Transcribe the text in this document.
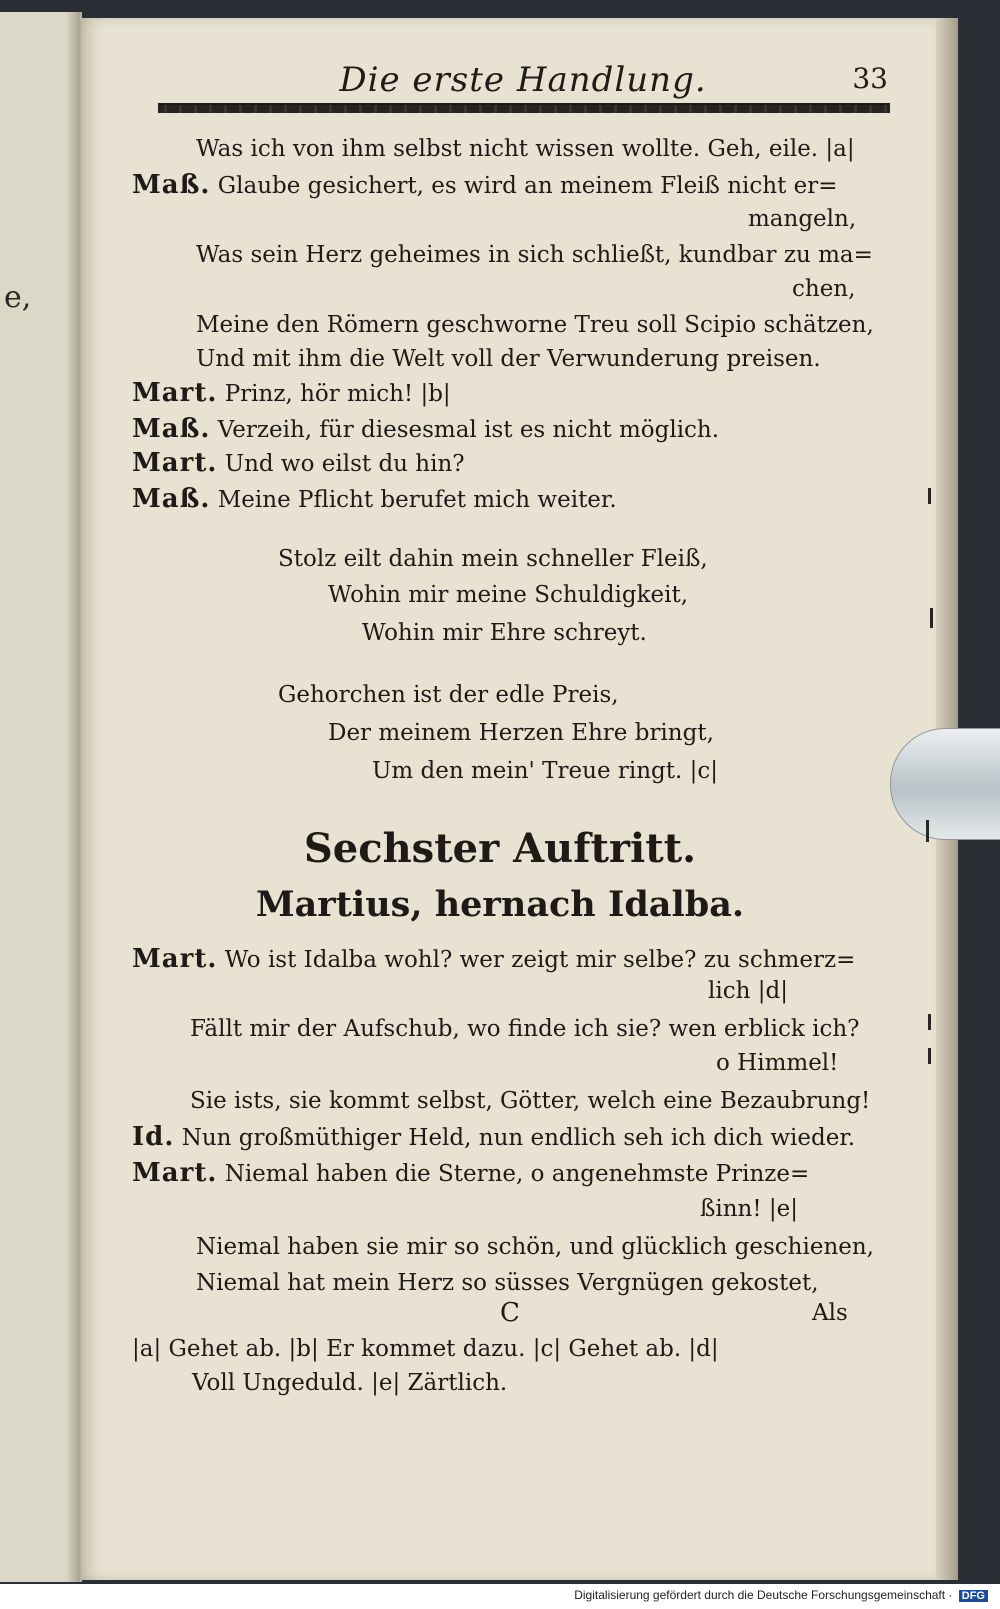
e,
Die erste Handlung.	33
Was ich von ihm selbst nicht wissen wollte. Geh, eile. |a|
Maß. Glaube gesichert, es wird an meinem Fleiß nicht er=
mangeln,
Was sein Herz geheimes in sich schließt, kundbar zu ma=
chen,
Meine den Römern geschworne Treu soll Scipio schätzen,
Und mit ihm die Welt voll der Verwunderung preisen.
Mart. Prinz, hör mich! |b|
Maß. Verzeih, für diesesmal ist es nicht möglich.
Mart. Und wo eilst du hin?
Maß. Meine Pflicht berufet mich weiter.
Stolz eilt dahin mein schneller Fleiß,
Wohin mir meine Schuldigkeit,
Wohin mir Ehre schreyt.
Gehorchen ist der edle Preis,
Der meinem Herzen Ehre bringt,
Um den mein' Treue ringt. |c|
Sechster Auftritt.
Martius, hernach Idalba.
Mart. Wo ist Idalba wohl? wer zeigt mir selbe? zu schmerz=
lich |d|
Fällt mir der Aufschub, wo finde ich sie? wen erblick ich?
o Himmel!
Sie ists, sie kommt selbst, Götter, welch eine Bezaubrung!
Id. Nun großmüthiger Held, nun endlich seh ich dich wieder.
Mart. Niemal haben die Sterne, o angenehmste Prinze=
ßinn! |e|
Niemal haben sie mir so schön, und glücklich geschienen,
Niemal hat mein Herz so süsses Vergnügen gekostet,
C	Als
|a| Gehet ab. |b| Er kommet dazu. |c| Gehet ab. |d|
Voll Ungeduld. |e| Zärtlich.
Digitalisierung gefördert durch die Deutsche Forschungsgemeinschaft · DFG
